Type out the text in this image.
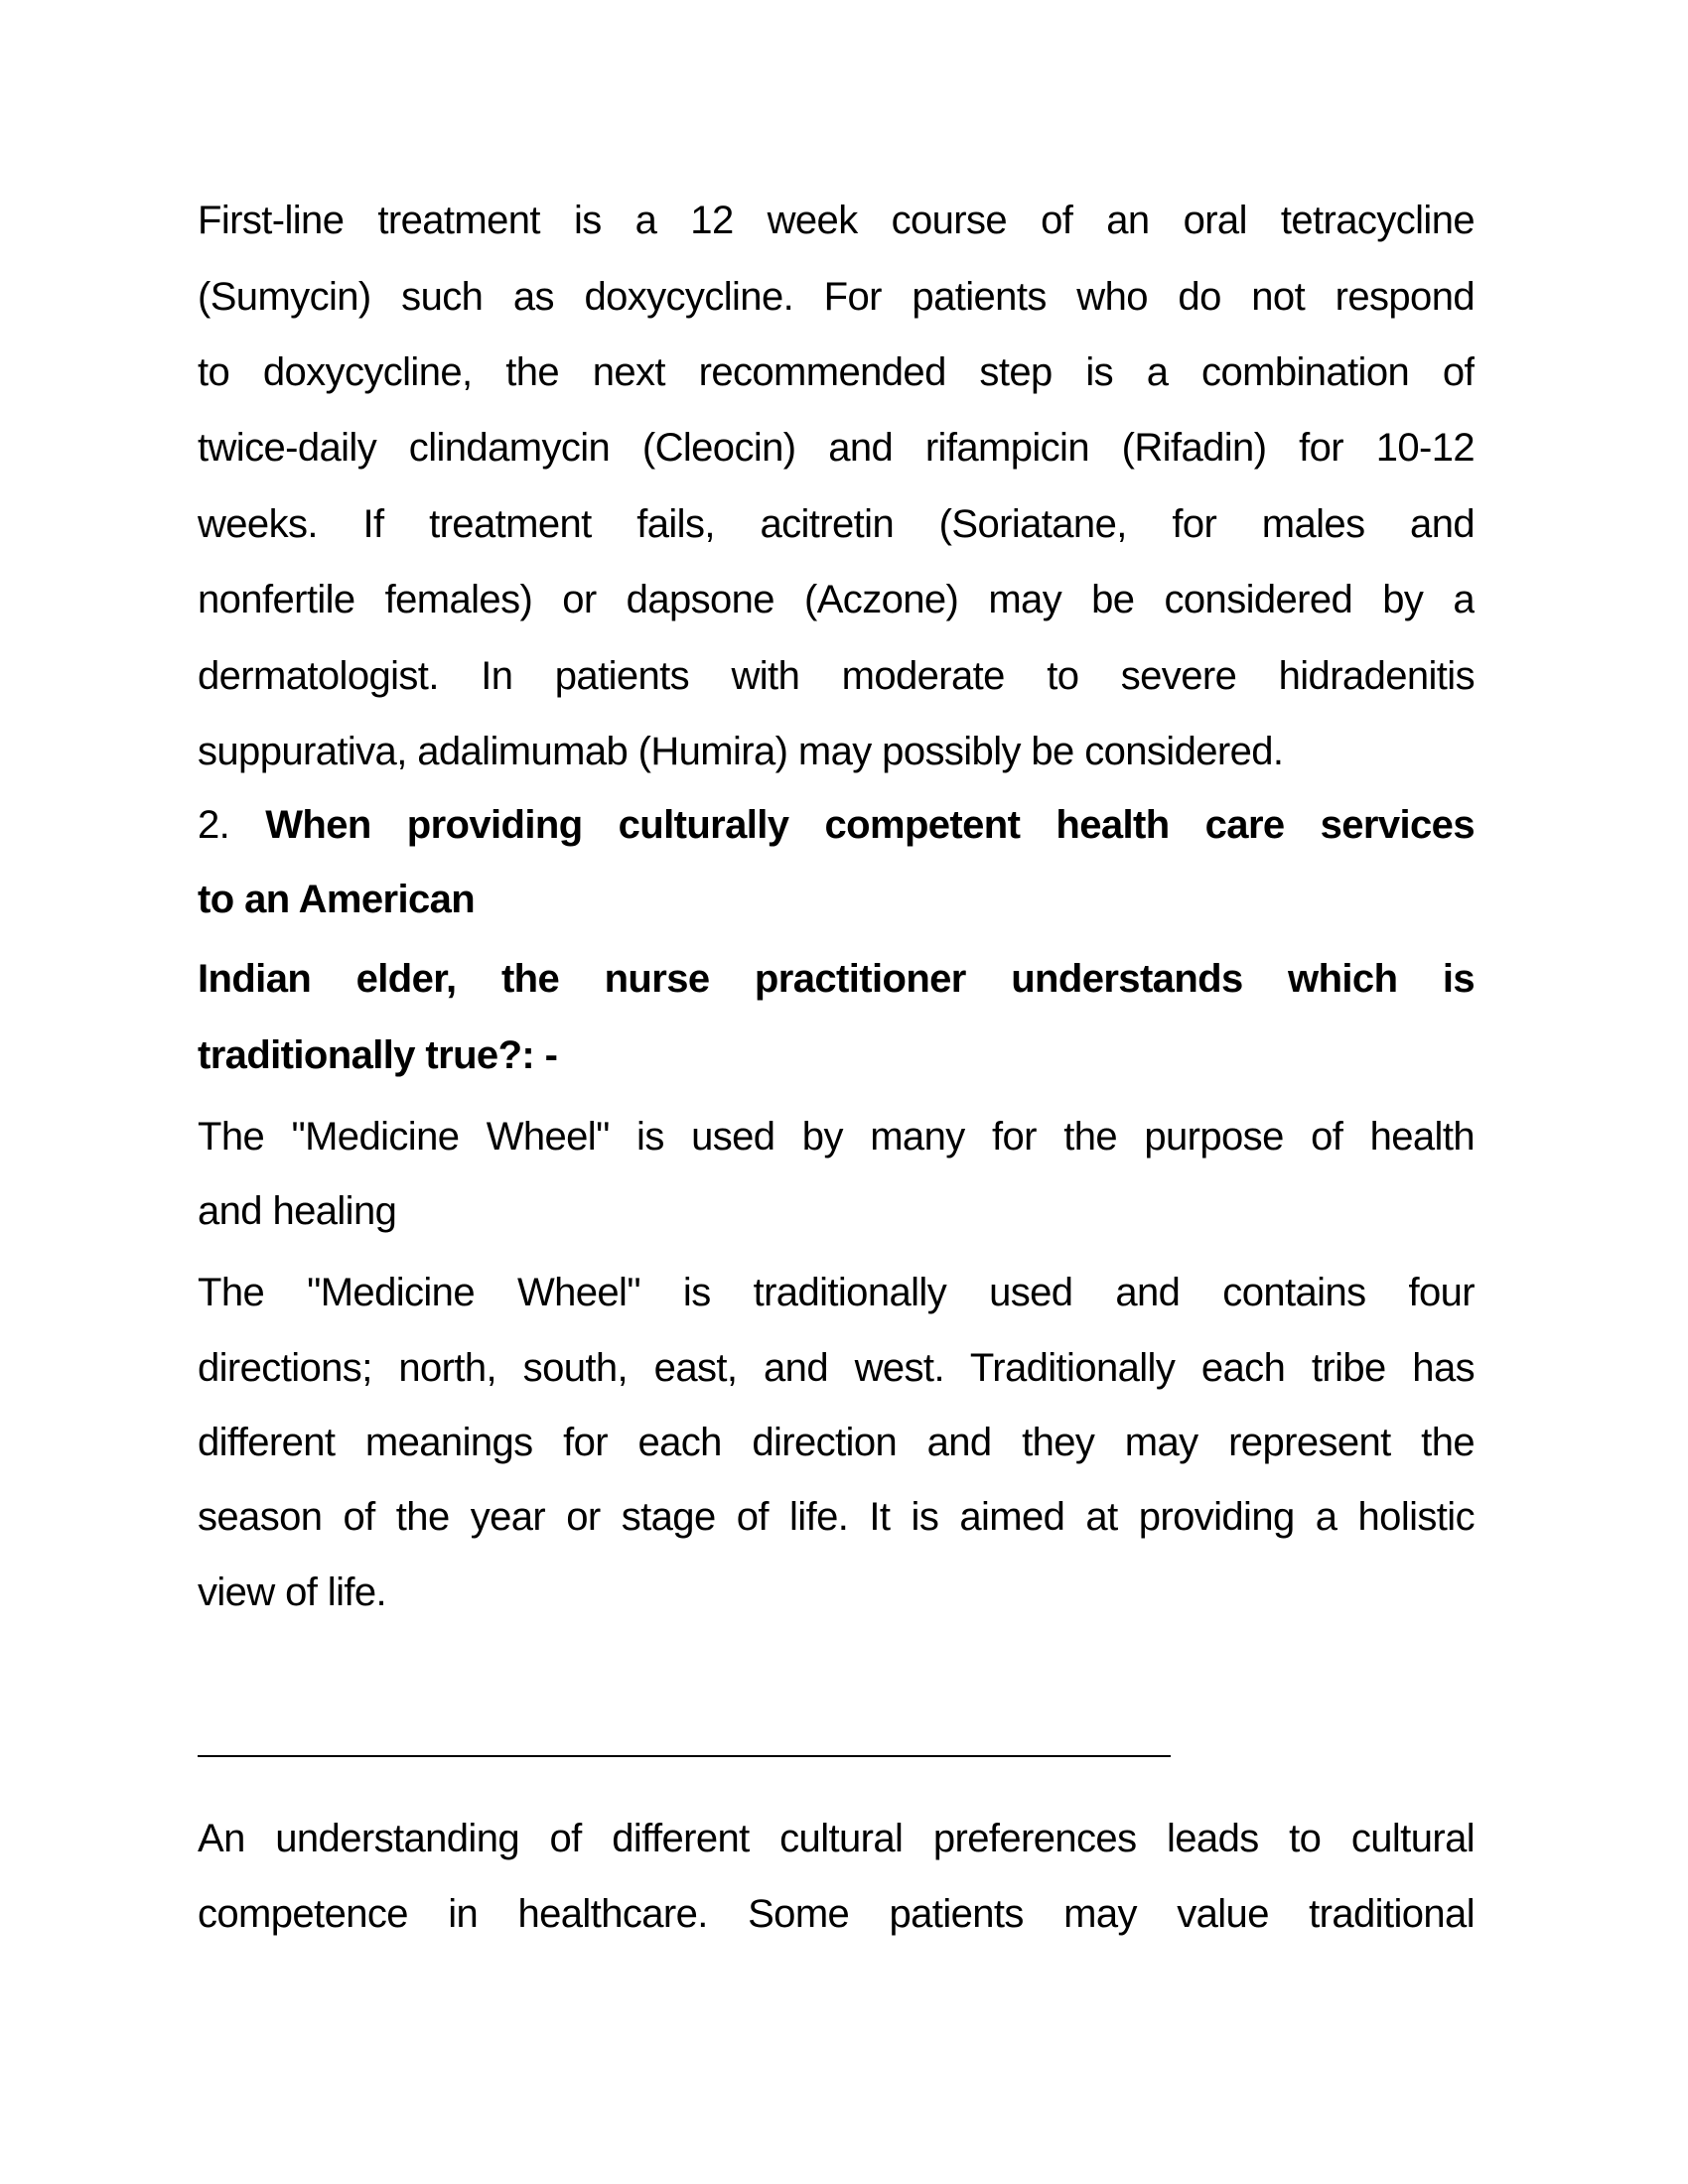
First-line treatment is a 12 week course of an oral tetracycline
(Sumycin) such as doxycycline. For patients who do not respond
to doxycycline, the next recommended step is a combination of
twice-daily clindamycin (Cleocin) and rifampicin (Rifadin) for 10-12
weeks. If treatment fails, acitretin (Soriatane, for males and
nonfertile females) or dapsone (Aczone) may be considered by a
dermatologist. In patients with moderate to severe hidradenitis
suppurativa, adalimumab (Humira) may possibly be considered.
2. When providing culturally competent health care services
to an American
Indian elder, the nurse practitioner understands which is
traditionally true?: -
The "Medicine Wheel" is used by many for the purpose of health
and healing
The "Medicine Wheel" is traditionally used and contains four
directions; north, south, east, and west. Traditionally each tribe has
different meanings for each direction and they may represent the
season of the year or stage of life. It is aimed at providing a holistic
view of life.
An understanding of different cultural preferences leads to cultural
competence in healthcare. Some patients may value traditional
